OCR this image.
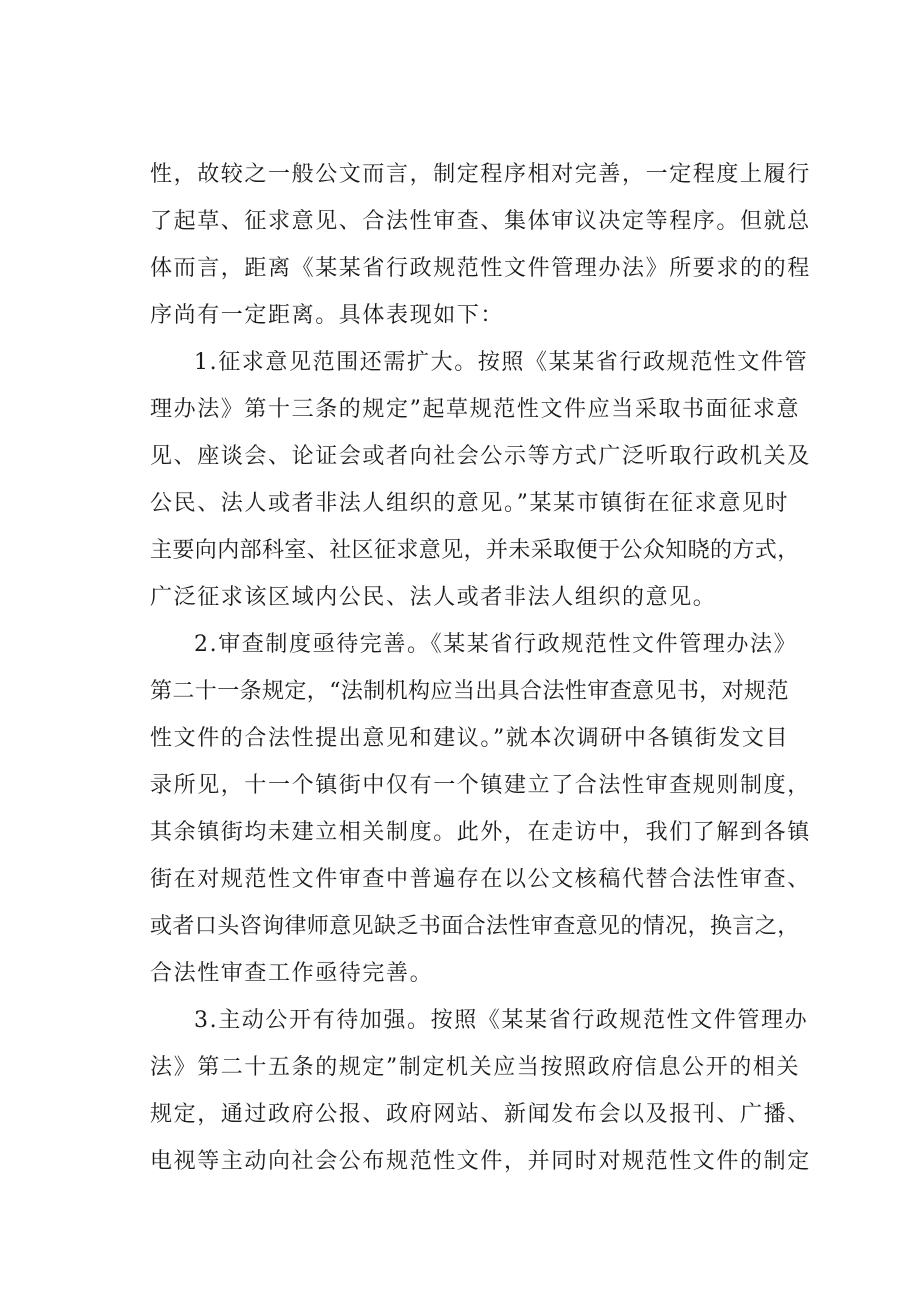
性，故较之一般公文而言，制定程序相对完善，一定程度上履行

了起草、征求意见、合法性审查、集体审议决定等程序。但就总

体而言，距离《某某省行政规范性文件管理办法》所要求的的程

序尚有一定距离。具体表现如下：

1.征求意见范围还需扩大。按照《某某省行政规范性文件管

理办法》第十三条的规定”起草规范性文件应当采取书面征求意

见、座谈会、论证会或者向社会公示等方式广泛听取行政机关及

公民、法人或者非法人组织的意见。”某某市镇街在征求意见时

主要向内部科室、社区征求意见，并未采取便于公众知晓的方式，

广泛征求该区域内公民、法人或者非法人组织的意见。

2.审查制度亟待完善。《某某省行政规范性文件管理办法》

第二十一条规定，“法制机构应当出具合法性审查意见书，对规范

性文件的合法性提出意见和建议。”就本次调研中各镇街发文目

录所见，十一个镇街中仅有一个镇建立了合法性审查规则制度，

其余镇街均未建立相关制度。此外，在走访中，我们了解到各镇

街在对规范性文件审查中普遍存在以公文核稿代替合法性审查、

或者口头咨询律师意见缺乏书面合法性审查意见的情况，换言之，

合法性审查工作亟待完善。

3.主动公开有待加强。按照《某某省行政规范性文件管理办

法》第二十五条的规定”制定机关应当按照政府信息公开的相关

规定，通过政府公报、政府网站、新闻发布会以及报刊、广播、

电视等主动向社会公布规范性文件，并同时对规范性文件的制定
